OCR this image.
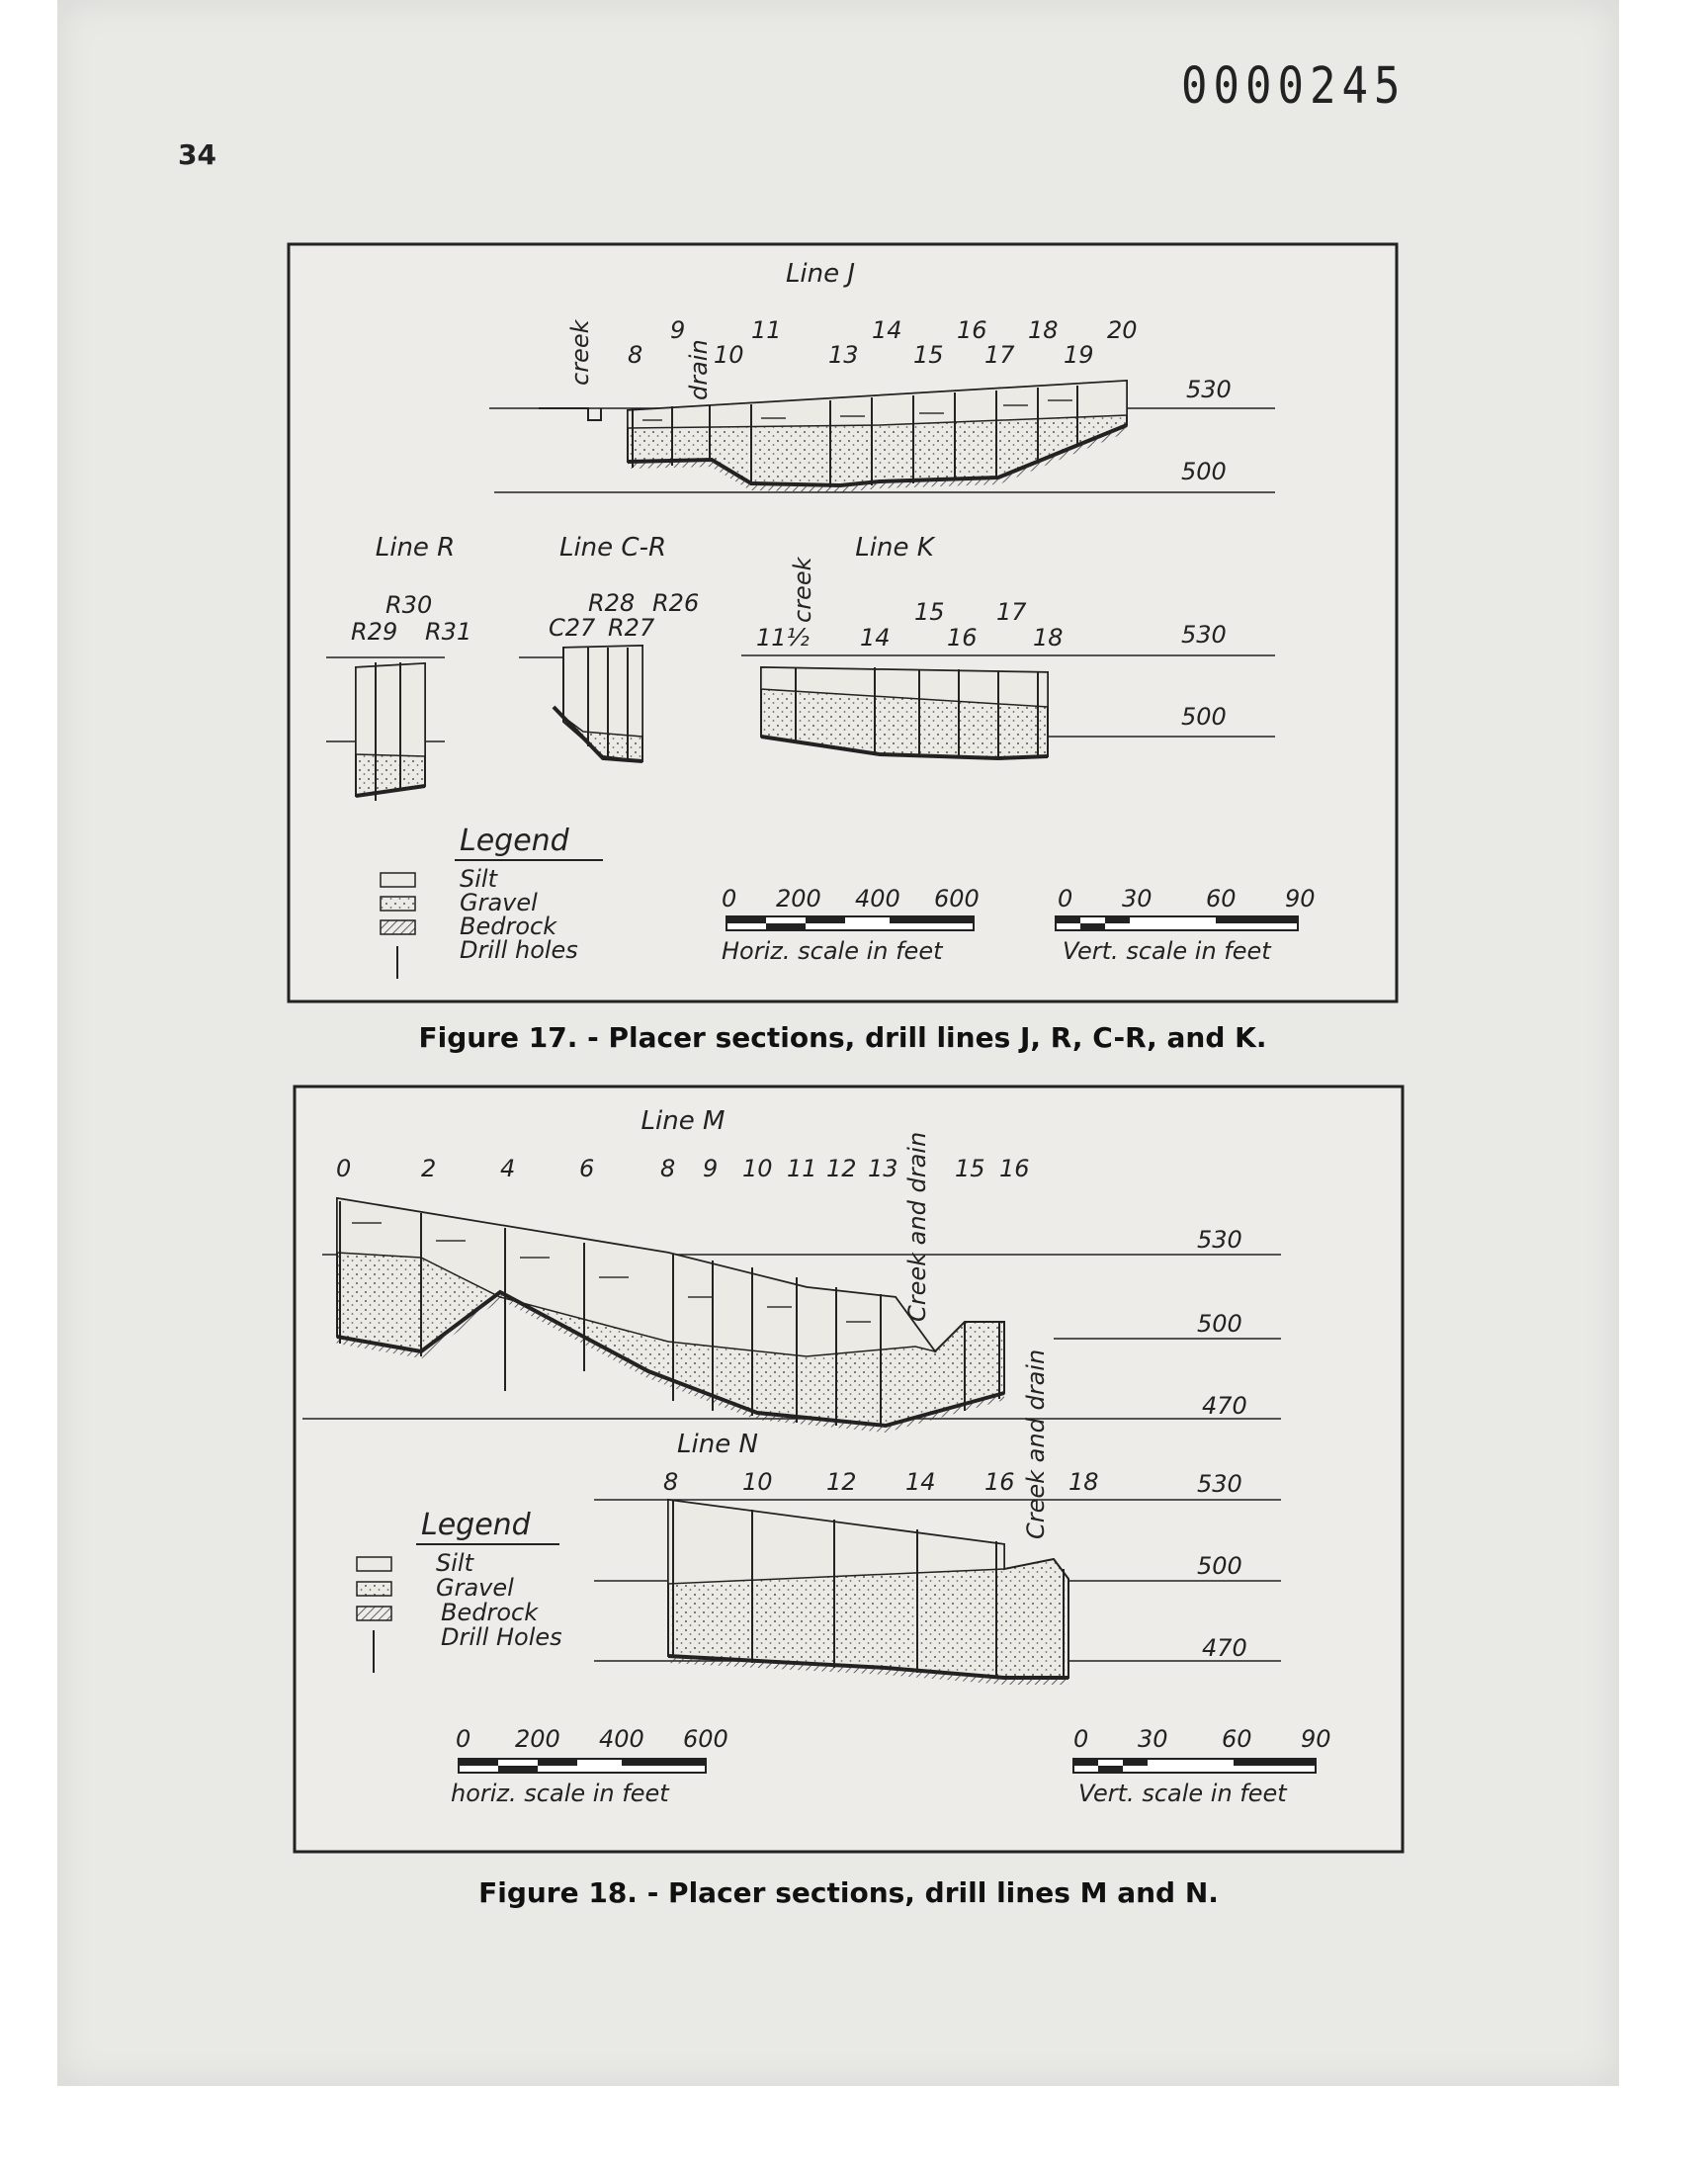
34
0000245
Line J
creek	drain
8
9
10
11
13
14
15
16
17
18
19
20
530
500
Line R
R30
R29 R31
Line C-R
R28 R26
C27 R27
Line K
creek
11½ 14
15
16
17
18	530
500
Legend
Silt
Gravel
Bedrock
Drill holes
0 200 400 600
Horiz. scale in feet
0 30 60 90
Vert. scale in feet
Figure 17. - Placer sections, drill lines J, R, C-R, and K.
Line M
0	2	4	6	8 9 10 11 12 13 15 16
Creek and drain	530
500
470
Line N
8	10 12 14 16 18
Creek and drain	530
500
470
Legend
Silt
Gravel
Bedrock
Drill Holes
0 200 400 600
horiz. scale in feet
0 30 60 90
Vert. scale in feet
Figure 18. - Placer sections, drill lines M and N.
